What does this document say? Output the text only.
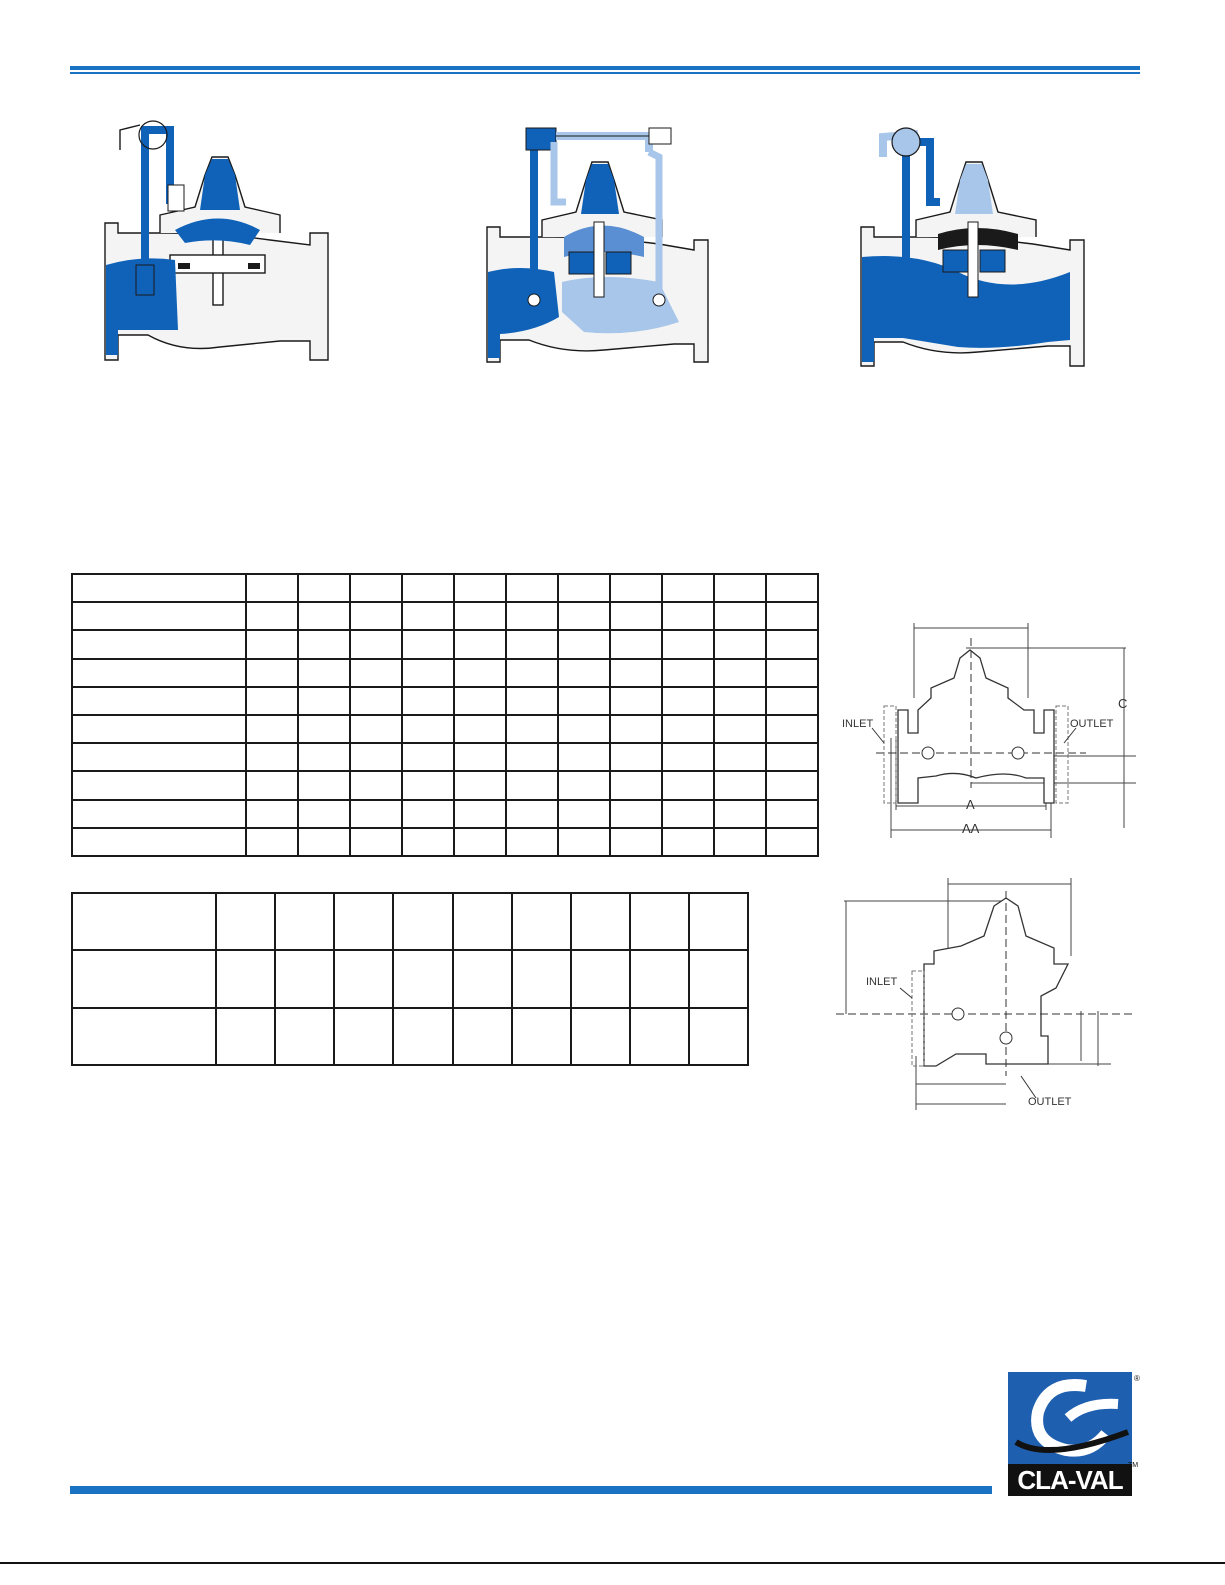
C
INLET	OUTLET
A
AA
INLET
OUTLET
CLA-VAL TM
®
